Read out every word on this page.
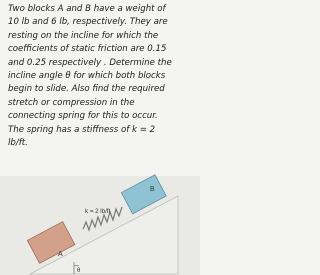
Two blocks A and B have a weight of
10 lb and 6 lb, respectively. They are
resting on the incline for which the
coefficients of static friction are 0.15
and 0.25 respectively . Determine the
incline angle θ for which both blocks
begin to slide. Also find the required
stretch or compression in the
connecting spring for this to occur.
The spring has a stiffness of k = 2
lb/ft.
A
k = 2 lb/ft
B
θ
